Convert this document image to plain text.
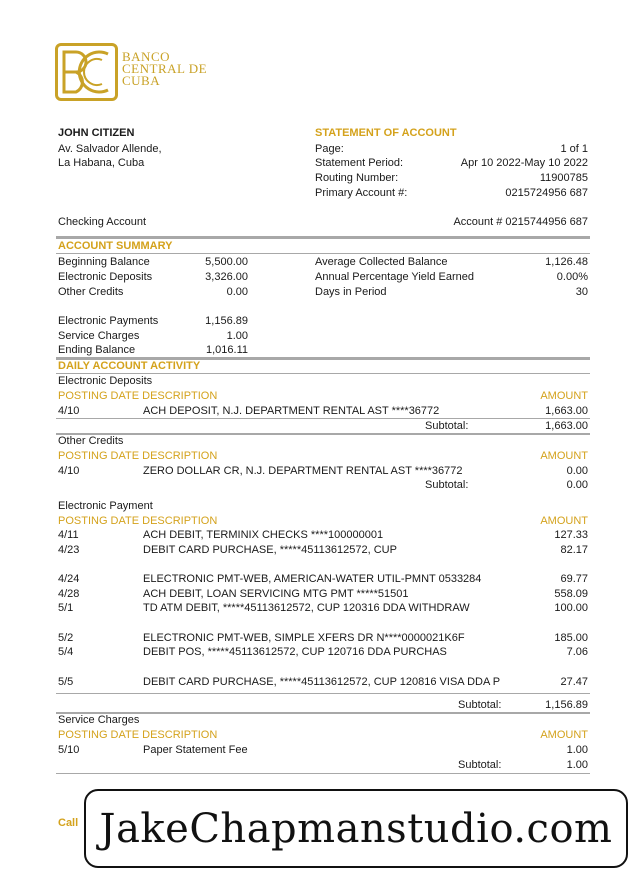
BANCO
CENTRAL DE
CUBA
JOHN CITIZEN
Av. Salvador Allende,
La Habana, Cuba
STATEMENT OF ACCOUNT
Page:	1 of 1
Statement Period:	Apr 10 2022-May 10 2022
Routing Number:	11900785
Primary Account #:	0215724956 687
Checking Account	Account # 0215744956 687
ACCOUNT SUMMARY
Beginning Balance	5,500.00
Electronic Deposits	3,326.00
Other Credits	0.00
Average Collected Balance	1,126.48
Annual Percentage Yield Earned	0.00%
Days in Period	30
Electronic Payments	1,156.89
Service Charges	1.00
Ending Balance	1,016.11
DAILY ACCOUNT ACTIVITY
Electronic Deposits
POSTING DATE DESCRIPTION	AMOUNT
4/10	ACH DEPOSIT, N.J. DEPARTMENT RENTAL AST ****36772	1,663.00
Subtotal:	1,663.00
Other Credits
POSTING DATE DESCRIPTION	AMOUNT
4/10	ZERO DOLLAR CR, N.J. DEPARTMENT RENTAL AST ****36772	0.00
Subtotal:	0.00
Electronic Payment
POSTING DATE DESCRIPTION	AMOUNT
4/11	ACH DEBIT, TERMINIX CHECKS ****100000001	127.33
4/23	DEBIT CARD PURCHASE, *****45113612572, CUP	82.17
4/24	ELECTRONIC PMT-WEB, AMERICAN-WATER UTIL-PMNT 0533284	69.77
4/28	ACH DEBIT, LOAN SERVICING MTG PMT *****51501	558.09
5/1	TD ATM DEBIT, *****45113612572, CUP 120316 DDA WITHDRAW	100.00
5/2	ELECTRONIC PMT-WEB, SIMPLE XFERS DR N****0000021K6F	185.00
5/4	DEBIT POS, *****45113612572, CUP 120716 DDA PURCHAS	7.06
5/5	DEBIT CARD PURCHASE, *****45113612572, CUP 120816 VISA DDA P	27.47
Subtotal:	1,156.89
Service Charges
POSTING DATE DESCRIPTION	AMOUNT
5/10	Paper Statement Fee	1.00
Subtotal:	1.00
Call JakeChapmanstudio.com
